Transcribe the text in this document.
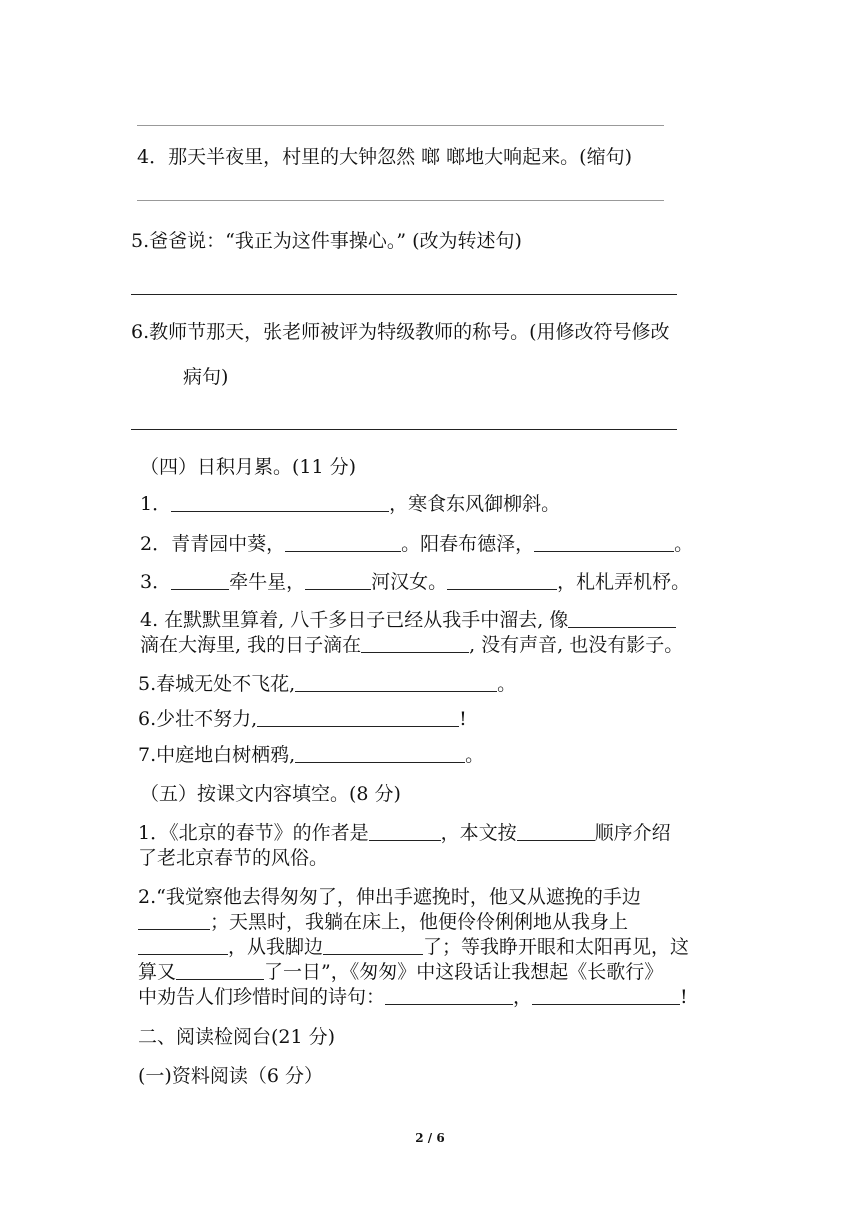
4．那天半夜里，村里的大钟忽然 啷 啷地大响起来。(缩句)
5.爸爸说：“我正为这件事操心。” (改为转述句)
6.教师节那天，张老师被评为特级教师的称号。(用修改符号修改
病句)
（四）日积月累。(11 分)
1．	，寒食东风御柳斜。
2．青青园中葵，	。阳春布德泽，	。
3．	牵牛星，	河汉女。	，札札弄机杼。
4. 在默默里算着, 八千多日子已经从我手中溜去, 像
滴在大海里, 我的日子滴在	, 没有声音, 也没有影子。
5.春城无处不飞花,	。
6.少壮不努力,	!
7.中庭地白树栖鸦,	。
（五）按课文内容填空。(8 分)
1．《北京的春节》的作者是	，本文按	顺序介绍
了老北京春节的风俗。
2.“我觉察他去得匆匆了，伸出手遮挽时，他又从遮挽的手边
；天黑时，我躺在床上，他便伶伶俐俐地从我身上
，从我脚边	了；等我睁开眼和太阳再见，这
算又	了一日”，《匆匆》中这段话让我想起《长歌行》
中劝告人们珍惜时间的诗句：	，	!
二、阅读检阅台(21 分)
(一)资料阅读（6 分）
2 / 6
